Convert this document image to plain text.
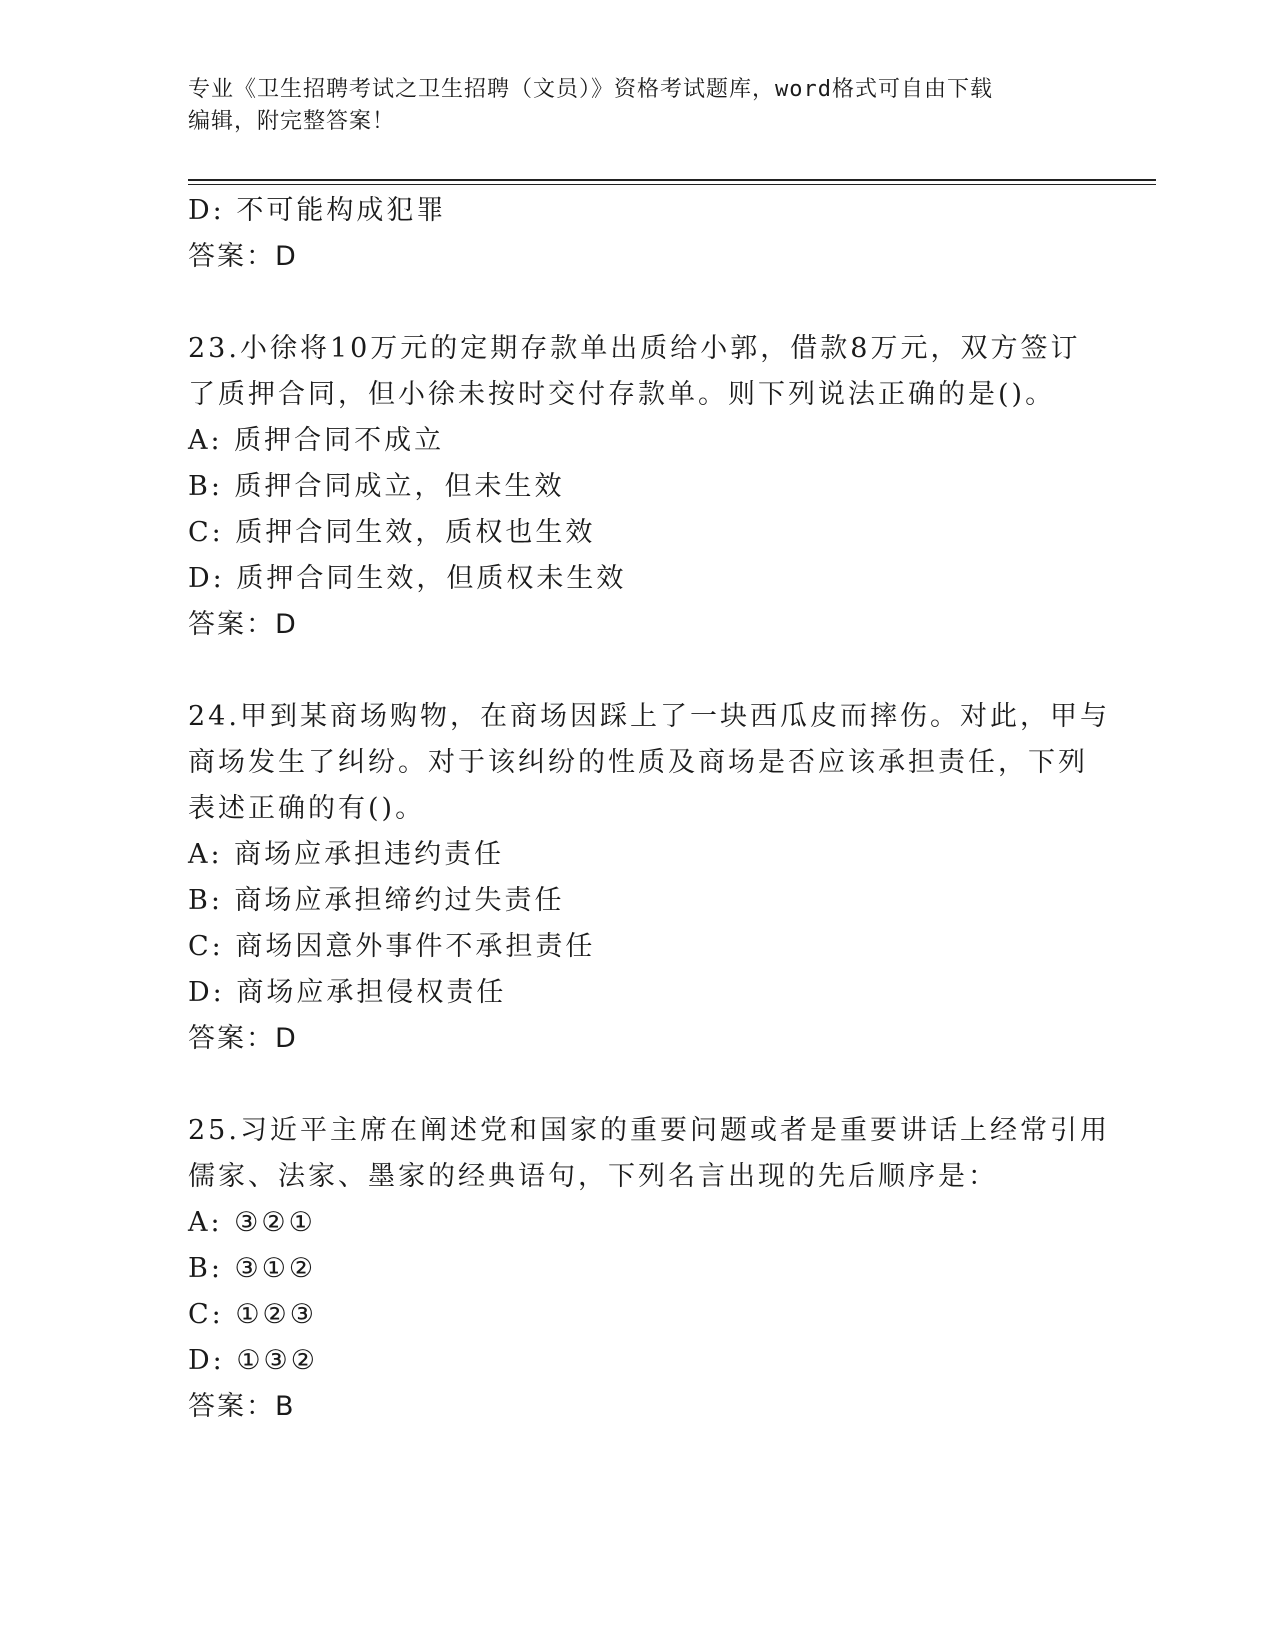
专业《卫生招聘考试之卫生招聘（文员）》资格考试题库，word格式可自由下载
编辑，附完整答案！
D: 不可能构成犯罪
答案：D
23.小徐将10万元的定期存款单出质给小郭，借款8万元，双方签订
了质押合同，但小徐未按时交付存款单。则下列说法正确的是()。
A: 质押合同不成立
B: 质押合同成立，但未生效
C: 质押合同生效，质权也生效
D: 质押合同生效，但质权未生效
答案：D
24.甲到某商场购物，在商场因踩上了一块西瓜皮而摔伤。对此，甲与
商场发生了纠纷。对于该纠纷的性质及商场是否应该承担责任，下列
表述正确的有()。
A: 商场应承担违约责任
B: 商场应承担缔约过失责任
C: 商场因意外事件不承担责任
D: 商场应承担侵权责任
答案：D
25.习近平主席在阐述党和国家的重要问题或者是重要讲话上经常引用
儒家、法家、墨家的经典语句，下列名言出现的先后顺序是：
A: ③②①
B: ③①②
C: ①②③
D: ①③②
答案：B
